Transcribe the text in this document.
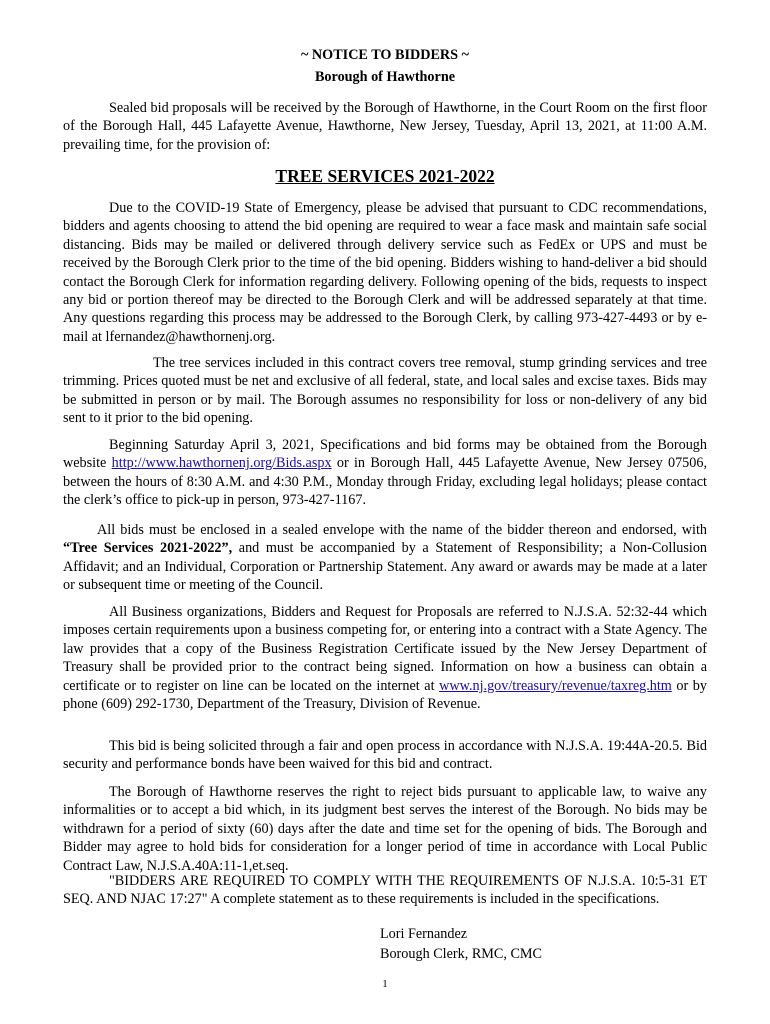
~ NOTICE TO BIDDERS ~

Borough of Hawthorne

Sealed bid proposals will be received by the Borough of Hawthorne, in the Court Room on the first floor of the Borough Hall, 445 Lafayette Avenue, Hawthorne, New Jersey, Tuesday, April 13, 2021, at 11:00 A.M. prevailing time, for the provision of:

TREE SERVICES 2021-2022

Due to the COVID-19 State of Emergency, please be advised that pursuant to CDC recommendations, bidders and agents choosing to attend the bid opening are required to wear a face mask and maintain safe social distancing. Bids may be mailed or delivered through delivery service such as FedEx or UPS and must be received by the Borough Clerk prior to the time of the bid opening. Bidders wishing to hand-deliver a bid should contact the Borough Clerk for information regarding delivery. Following opening of the bids, requests to inspect any bid or portion thereof may be directed to the Borough Clerk and will be addressed separately at that time. Any questions regarding this process may be addressed to the Borough Clerk, by calling 973-427-4493 or by e-mail at lfernandez@hawthornenj.org.

The tree services included in this contract covers tree removal, stump grinding services and tree trimming. Prices quoted must be net and exclusive of all federal, state, and local sales and excise taxes. Bids may be submitted in person or by mail. The Borough assumes no responsibility for loss or non-delivery of any bid sent to it prior to the bid opening.

Beginning Saturday April 3, 2021, Specifications and bid forms may be obtained from the Borough website http://www.hawthornenj.org/Bids.aspx or in Borough Hall, 445 Lafayette Avenue, New Jersey 07506, between the hours of 8:30 A.M. and 4:30 P.M., Monday through Friday, excluding legal holidays; please contact the clerk’s office to pick-up in person, 973-427-1167.

All bids must be enclosed in a sealed envelope with the name of the bidder thereon and endorsed, with “Tree Services 2021-2022”, and must be accompanied by a Statement of Responsibility; a Non-Collusion Affidavit; and an Individual, Corporation or Partnership Statement. Any award or awards may be made at a later or subsequent time or meeting of the Council.

All Business organizations, Bidders and Request for Proposals are referred to N.J.S.A. 52:32-44 which imposes certain requirements upon a business competing for, or entering into a contract with a State Agency. The law provides that a copy of the Business Registration Certificate issued by the New Jersey Department of Treasury shall be provided prior to the contract being signed. Information on how a business can obtain a certificate or to register on line can be located on the internet at www.nj.gov/treasury/revenue/taxreg.htm or by phone (609) 292-1730, Department of the Treasury, Division of Revenue.

This bid is being solicited through a fair and open process in accordance with N.J.S.A. 19:44A-20.5. Bid security and performance bonds have been waived for this bid and contract.

The Borough of Hawthorne reserves the right to reject bids pursuant to applicable law, to waive any informalities or to accept a bid which, in its judgment best serves the interest of the Borough. No bids may be withdrawn for a period of sixty (60) days after the date and time set for the opening of bids. The Borough and Bidder may agree to hold bids for consideration for a longer period of time in accordance with Local Public Contract Law, N.J.S.A.40A:11-1,et.seq.

"BIDDERS ARE REQUIRED TO COMPLY WITH THE REQUIREMENTS OF N.J.S.A. 10:5-31 ET SEQ. AND NJAC 17:27" A complete statement as to these requirements is included in the specifications.

Lori Fernandez
Borough Clerk, RMC, CMC
1
